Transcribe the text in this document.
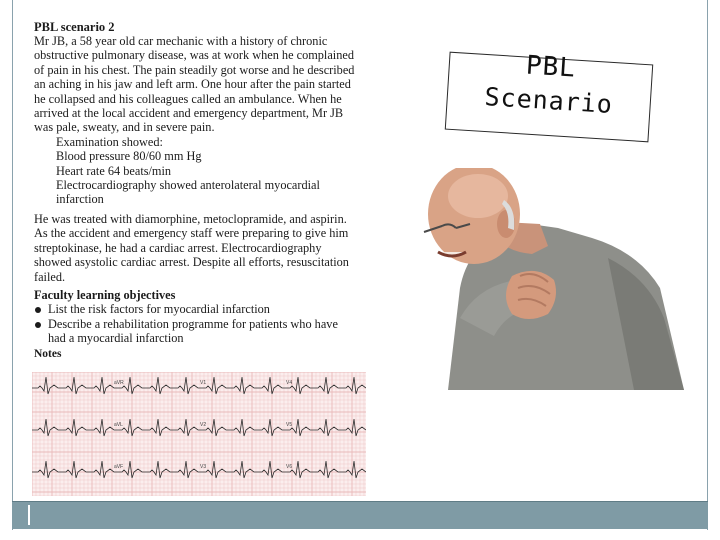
PBL scenario 2

Mr JB, a 58 year old car mechanic with a history of chronic

obstructive pulmonary disease, was at work when he complained

of pain in his chest. The pain steadily got worse and he described

an aching in his jaw and left arm. One hour after the pain started

he collapsed and his colleagues called an ambulance. When he

arrived at the local accident and emergency department, Mr JB

was pale, sweaty, and in severe pain.

Examination showed:
Blood pressure 80/60 mm Hg
Heart rate 64 beats/min
Electrocardiography showed anterolateral myocardial
infarction

He was treated with diamorphine, metoclopramide, and aspirin.

As the accident and emergency staff were preparing to give him

streptokinase, he had a cardiac arrest. Electrocardiography

showed asystolic cardiac arrest. Despite all efforts, resuscitation

failed.

Faculty learning objectives
List the risk factors for myocardial infarction
Describe a rehabilitation programme for patients who have
had a myocardial infarction
Notes
aVR	V1	V4
aVL	V2	V5
aVF	V3	V6
PBL
Scenario
